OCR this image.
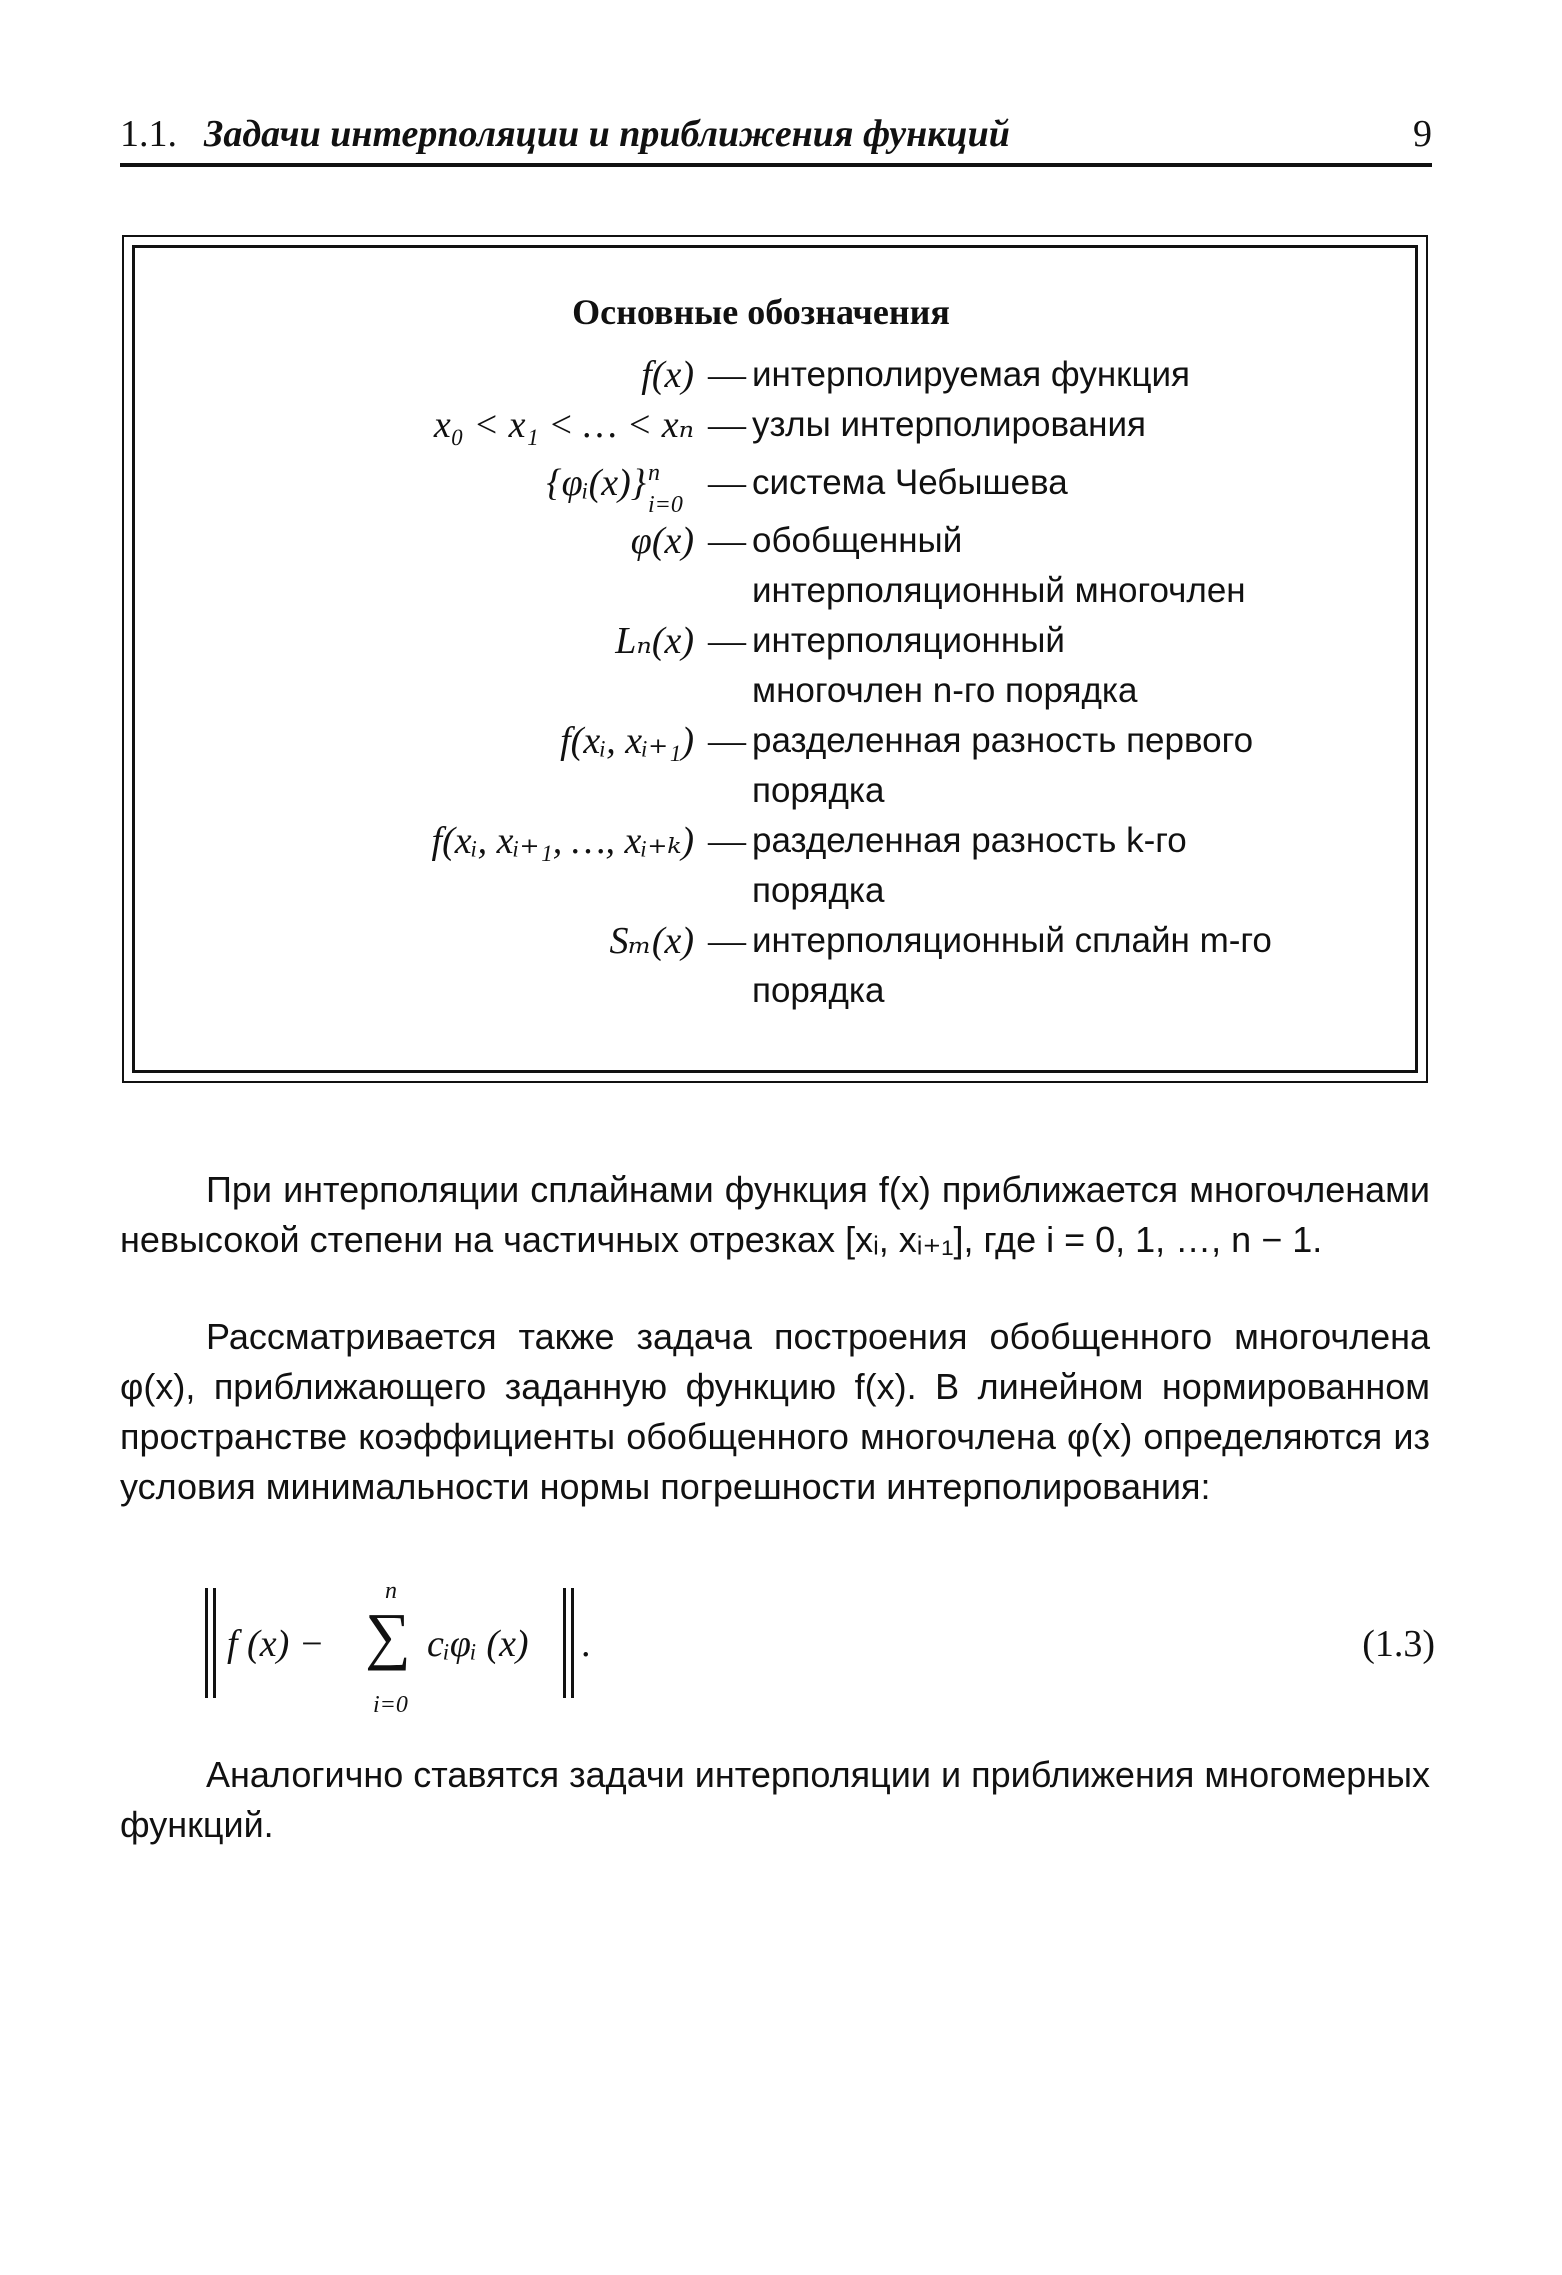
1.1. Задачи интерполяции и приближения функций	9
Основные обозначения
f(x) — интерполируемая функция
x₀ < x₁ < … < xₙ — узлы интерполирования
{φᵢ(x)} n
i=0
— система Чебышева
φ(x) — обобщенный
интерполяционный многочлен
Lₙ(x) — интерполяционный
многочлен n-го порядка
f(xᵢ, xᵢ₊₁) — разделенная разность первого
порядка
f(xᵢ, xᵢ₊₁, …, xᵢ₊ₖ) — разделенная разность k-го
порядка
Sₘ(x) — интерполяционный сплайн m-го
порядка
При интерполяции сплайнами функция f(x) приближается многочленами невысокой степени на частичных отрезках [xᵢ, xᵢ₊₁], где i = 0, 1, …, n − 1.
Рассматривается также задача построения обобщенного многочлена φ(x), приближающего заданную функцию f(x). В линейном нормированном пространстве коэффициенты обобщенного многочлена φ(x) определяются из условия минимальности нормы погрешности интерполирования:
‖ f (x) −
n
∑
i=0
cᵢφᵢ (x) ‖ .	(1.3)
Аналогично ставятся задачи интерполяции и приближения многомерных функций.
